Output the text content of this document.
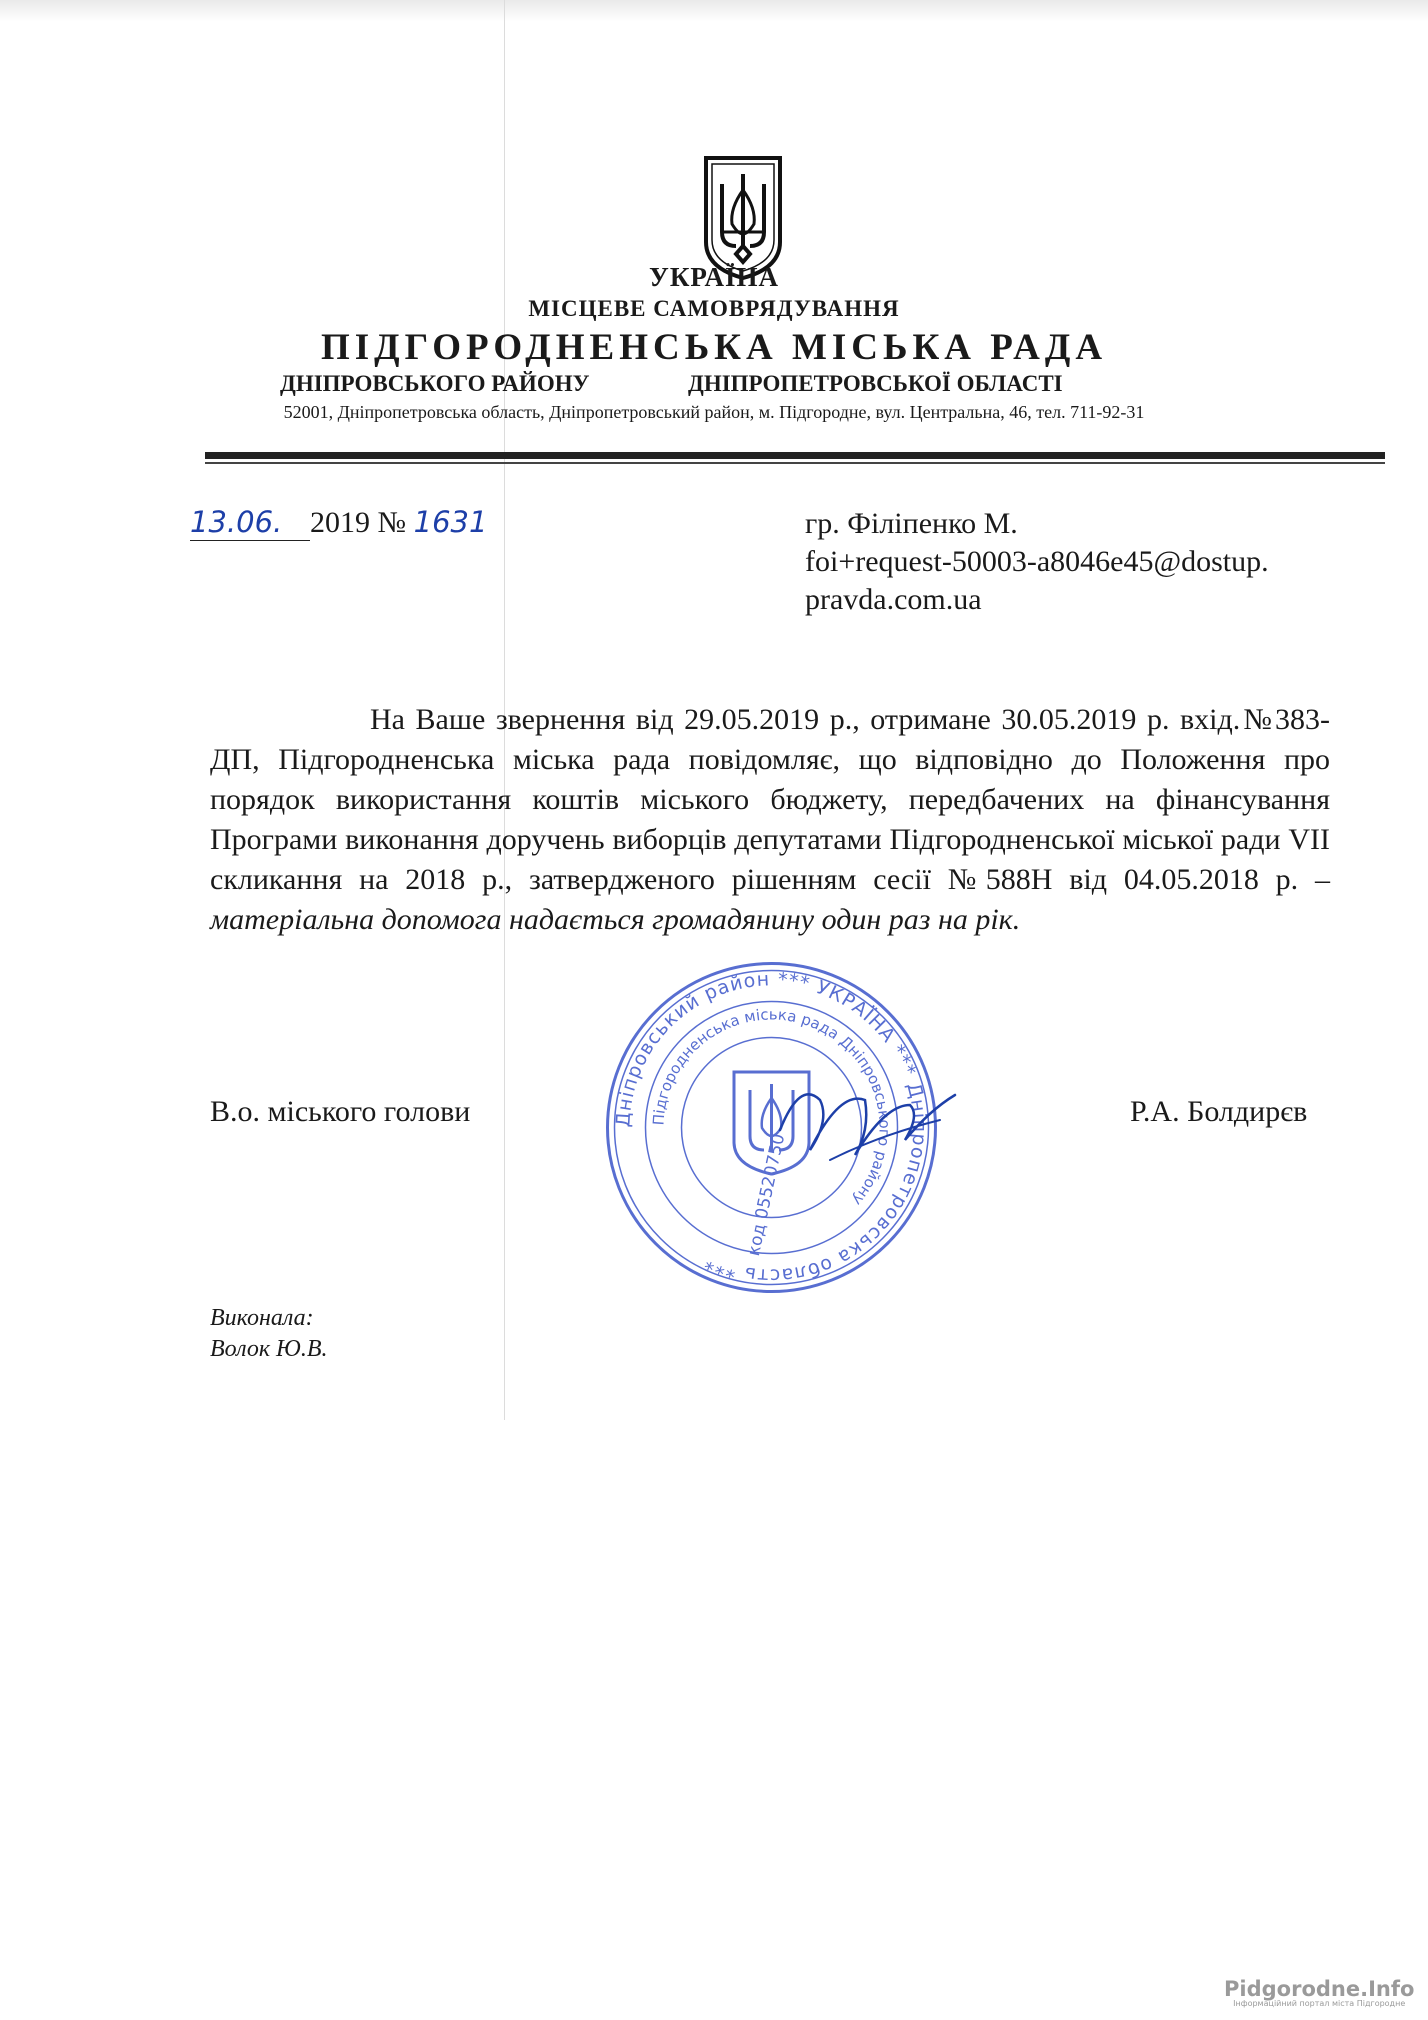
УКРАЇНА
МІСЦЕВЕ САМОВРЯДУВАННЯ
ПІДГОРОДНЕНСЬКА МІСЬКА РАДА
ДНІПРОВСЬКОГО РАЙОНУ	ДНІПРОПЕТРОВСЬКОЇ ОБЛАСТІ
52001, Дніпропетровська область, Дніпропетровський район, м. Підгородне, вул. Центральна, 46, тел. 711-92-31
13.06. 2019 № 1631	гр. Філіпенко М.
foi+request-50003-a8046e45@dostup.
pravda.com.ua
На Ваше звернення від 29.05.2019 р., отримане 30.05.2019 р. вхід.№383-ДП, Підгородненська міська рада повідомляє, що відповідно до Положення про порядок використання коштів міського бюджету, передбачених на фінансування Програми виконання доручень виборців депутатами Підгородненської міської ради VII скликання на 2018 р., затвердженого рішенням сесії №588Н від 04.05.2018 р. – матеріальна допомога надається громадянину один раз на рік.
В.о. міського голови	Р.А. Болдирєв
Дніпровський район *** УКРАЇНА *** Дніпропетровська область ***
Підгородненська міська рада Дніпровського району
код 05520750
Виконала:
Волок Ю.В.
Pidgorodne.Info
Інформаційний портал міста Підгородне
